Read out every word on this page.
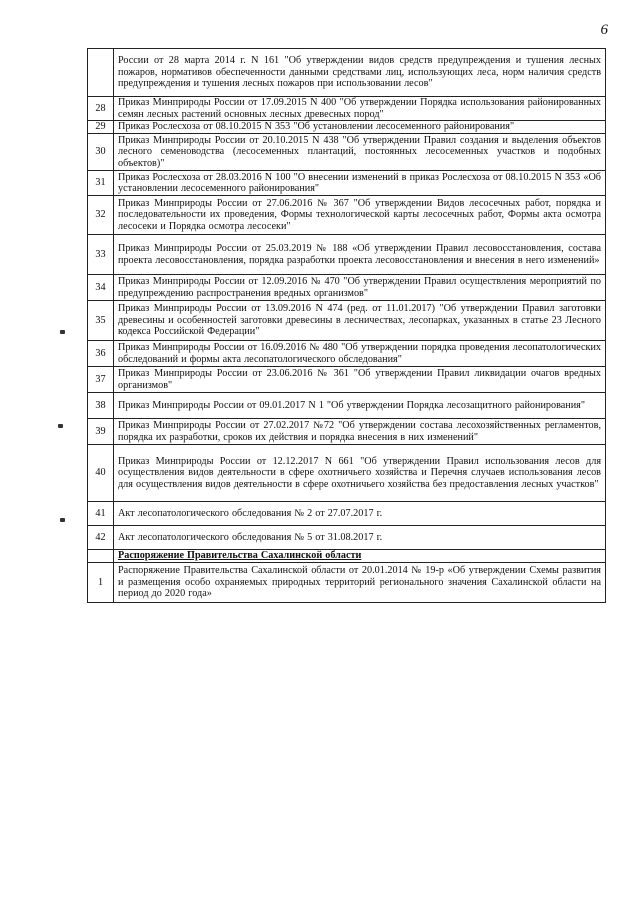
6
	России от 28 марта 2014 г. N 161 "Об утверждении видов средств предупреждения и тушения лесных пожаров, нормативов обеспеченности данными средствами лиц, использующих леса, норм наличия средств предупреждения и тушения лесных пожаров при использовании лесов"
28	Приказ Минприроды России от 17.09.2015 N 400 "Об утверждении Порядка использования районированных семян лесных растений основных лесных древесных пород"
29	Приказ Рослесхоза от 08.10.2015 N 353 "Об установлении лесосеменного районирования"
30	Приказ Минприроды России от 20.10.2015 N 438 "Об утверждении Правил создания и выделения объектов лесного семеноводства (лесосеменных плантаций, постоянных лесосеменных участков и подобных объектов)"
31	Приказ Рослесхоза от 28.03.2016 N 100 "О внесении изменений в приказ Рослесхоза от 08.10.2015 N 353 «Об установлении лесосеменного районирования"
32	Приказ Минприроды России от 27.06.2016 № 367 "Об утверждении Видов лесосечных работ, порядка и последовательности их проведения, Формы технологической карты лесосечных работ, Формы акта осмотра лесосеки и Порядка осмотра лесосеки"
33	Приказ Минприроды России от 25.03.2019 № 188 «Об утверждении Правил лесовосстановления, состава проекта лесовосстановления, порядка разработки проекта лесовосстановления и внесения в него изменений»
34	Приказ Минприроды России от 12.09.2016 № 470 "Об утверждении Правил осуществления мероприятий по предупреждению распространения вредных организмов"
35	Приказ Минприроды России от 13.09.2016 N 474 (ред. от 11.01.2017) "Об утверждении Правил заготовки древесины и особенностей заготовки древесины в лесничествах, лесопарках, указанных в статье 23 Лесного кодекса Российской Федерации"
36	Приказ Минприроды России от 16.09.2016 № 480 "Об утверждении порядка проведения лесопатологических обследований и формы акта лесопатологического обследования"
37	Приказ Минприроды России от 23.06.2016 № 361 "Об утверждении Правил ликвидации очагов вредных организмов"
38	Приказ Минприроды России от 09.01.2017 N 1 "Об утверждении Порядка лесозащитного районирования"
39	Приказ Минприроды России от 27.02.2017 №72 "Об утверждении состава лесохозяйственных регламентов, порядка их разработки, сроков их действия и порядка внесения в них изменений"
40	Приказ Минприроды России от 12.12.2017 N 661 "Об утверждении Правил использования лесов для осуществления видов деятельности в сфере охотничьего хозяйства и Перечня случаев использования лесов для осуществления видов деятельности в сфере охотничьего хозяйства без предоставления лесных участков"
41	Акт лесопатологического обследования № 2 от 27.07.2017 г.
42	Акт лесопатологического обследования № 5 от 31.08.2017 г.
	Распоряжение Правительства Сахалинской области
1	Распоряжение Правительства Сахалинской области от 20.01.2014 № 19-р «Об утверждении Схемы развития и размещения особо охраняемых природных территорий регионального значения Сахалинской области на период до 2020 года»
